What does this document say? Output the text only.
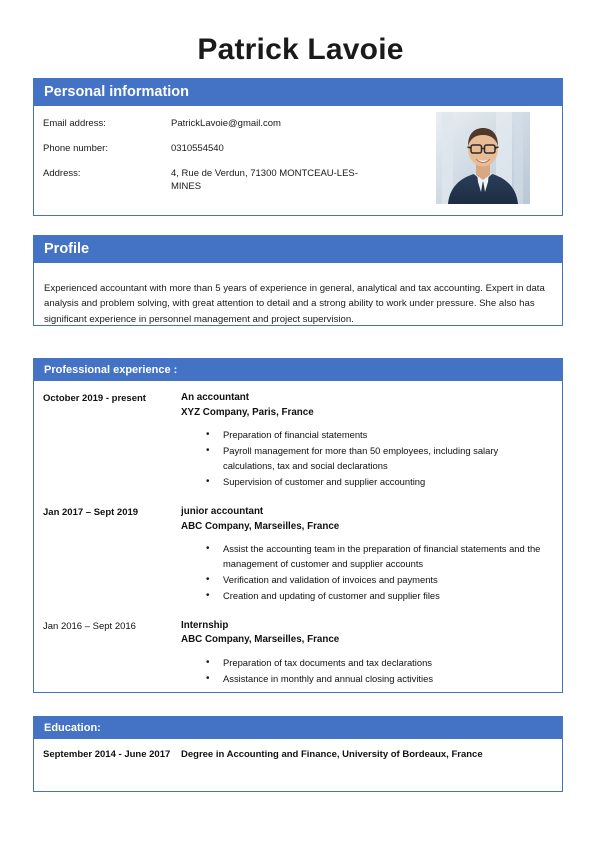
Patrick Lavoie
Personal information
Email address:	PatrickLavoie@gmail.com
Phone number:	0310554540
Address:	4, Rue de Verdun, 71300 MONTCEAU-LES-MINES
Profile

Experienced accountant with more than 5 years of experience in general, analytical and tax accounting. Expert in data analysis and problem solving, with great attention to detail and a strong ability to work under pressure. She also has significant experience in personnel management and project supervision.

Professional experience :
October 2019 - present	An accountant
XYZ Company, Paris, France
• Preparation of financial statements
• Payroll management for more than 50 employees, including salary calculations, tax and social declarations
• Supervision of customer and supplier accounting
Jan 2017 – Sept 2019	junior accountant
ABC Company, Marseilles, France
• Assist the accounting team in the preparation of financial statements and the management of customer and supplier accounts
• Verification and validation of invoices and payments
• Creation and updating of customer and supplier files
Jan 2016 – Sept 2016	Internship
ABC Company, Marseilles, France
• Preparation of tax documents and tax declarations
• Assistance in monthly and annual closing activities
Education:
September 2014 - June 2017	Degree in Accounting and Finance, University of Bordeaux, France
